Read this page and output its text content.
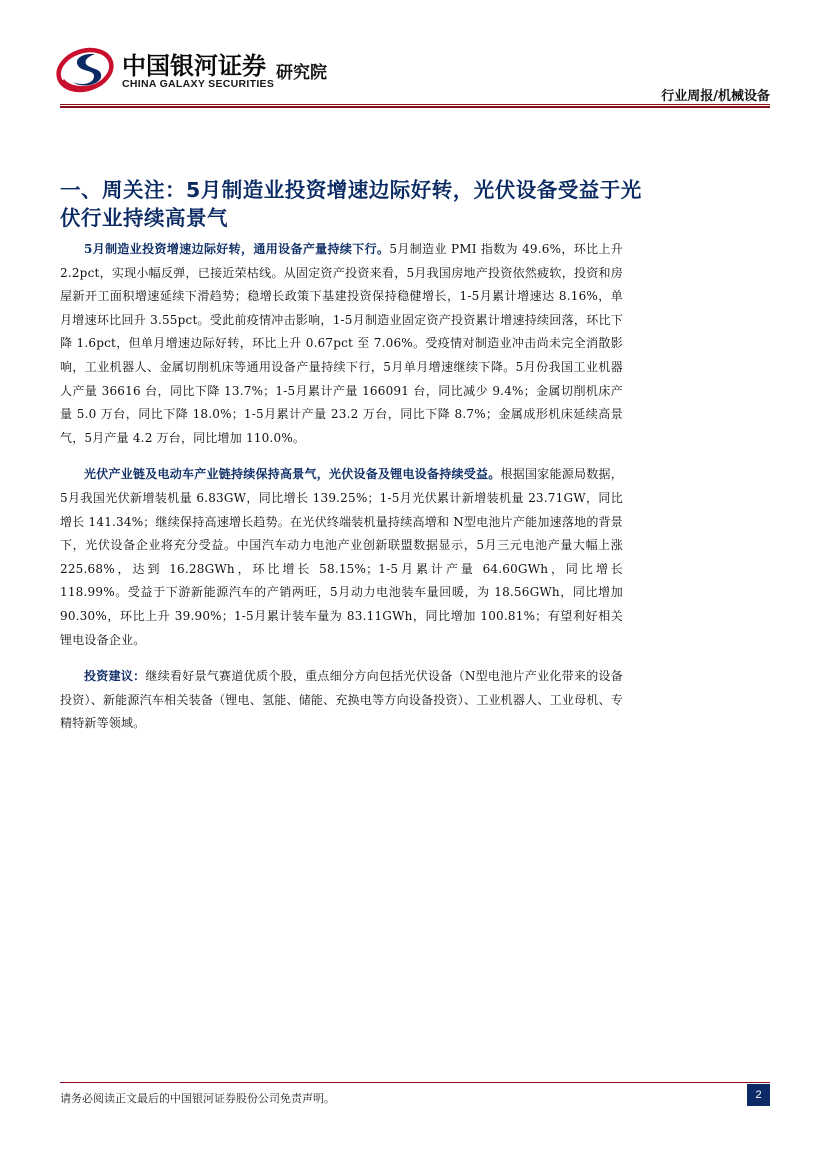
中国银河证券
CHINA GALAXY SECURITIES
研究院
行业周报/机械设备
一、周关注：5月制造业投资增速边际好转，光伏设备受益于光伏行业持续高景气

5月制造业投资增速边际好转，通用设备产量持续下行。5月制造业 PMI 指数为 49.6%，环比上升 2.2pct，实现小幅反弹，已接近荣枯线。从固定资产投资来看，5月我国房地产投资依然疲软，投资和房屋新开工面积增速延续下滑趋势；稳增长政策下基建投资保持稳健增长，1-5月累计增速达 8.16%，单月增速环比回升 3.55pct。受此前疫情冲击影响，1-5月制造业固定资产投资累计增速持续回落，环比下降 1.6pct，但单月增速边际好转，环比上升 0.67pct 至 7.06%。受疫情对制造业冲击尚未完全消散影响，工业机器人、金属切削机床等通用设备产量持续下行，5月单月增速继续下降。5月份我国工业机器人产量 36616 台，同比下降 13.7%；1-5月累计产量 166091 台，同比减少 9.4%；金属切削机床产量 5.0 万台，同比下降 18.0%；1-5月累计产量 23.2 万台，同比下降 8.7%；金属成形机床延续高景气，5月产量 4.2 万台，同比增加 110.0%。

光伏产业链及电动车产业链持续保持高景气，光伏设备及锂电设备持续受益。根据国家能源局数据，5月我国光伏新增装机量 6.83GW，同比增长 139.25%；1-5月光伏累计新增装机量 23.71GW，同比增长 141.34%；继续保持高速增长趋势。在光伏终端装机量持续高增和 N型电池片产能加速落地的背景下，光伏设备企业将充分受益。中国汽车动力电池产业创新联盟数据显示，5月三元电池产量大幅上涨 225.68%，达到 16.28GWh，环比增长 58.15%；1-5月累计产量 64.60GWh，同比增长 118.99%。受益于下游新能源汽车的产销两旺，5月动力电池装车量回暖，为 18.56GWh，同比增加 90.30%，环比上升 39.90%；1-5月累计装车量为 83.11GWh，同比增加 100.81%；有望利好相关锂电设备企业。

投资建议：继续看好景气赛道优质个股，重点细分方向包括光伏设备（N型电池片产业化带来的设备投资）、新能源汽车相关装备（锂电、氢能、储能、充换电等方向设备投资）、工业机器人、工业母机、专精特新等领域。

请务必阅读正文最后的中国银河证券股份公司免责声明。	2
